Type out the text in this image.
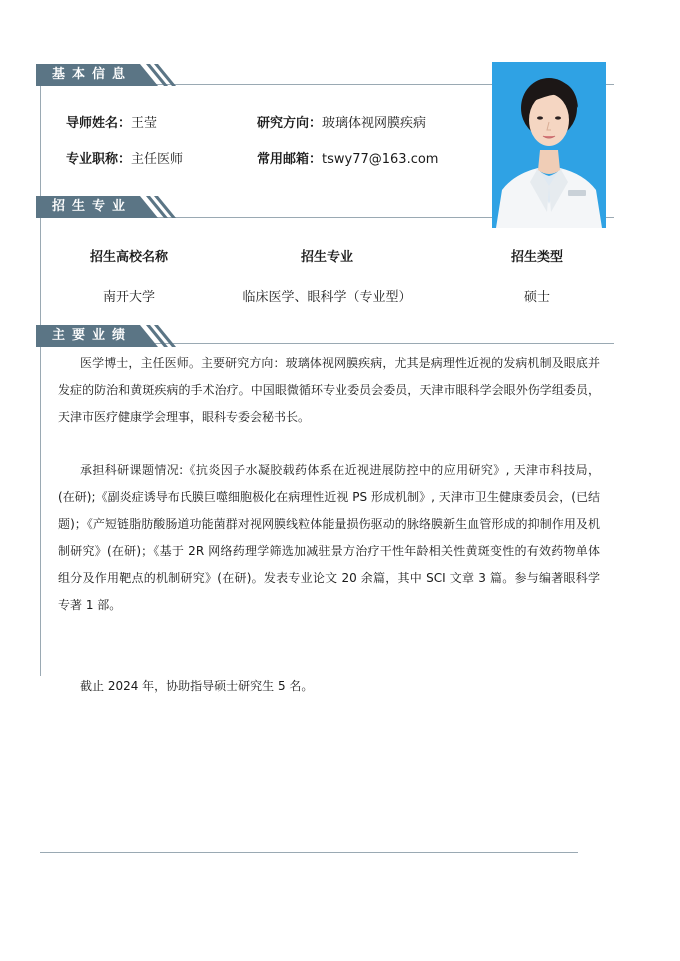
基本信息
导师姓名：王莹	研究方向：玻璃体视网膜疾病
专业职称：主任医师	常用邮箱：tswy77@163.com
招生专业
招生高校名称	招生专业	招生类型
南开大学	临床医学、眼科学（专业型）	硕士
主要业绩
医学博士，主任医师。主要研究方向：玻璃体视网膜疾病，尤其是病理性近视的发病机制及眼底并发症的防治和黄斑疾病的手术治疗。中国眼微循环专业委员会委员，天津市眼科学会眼外伤学组委员，天津市医疗健康学会理事，眼科专委会秘书长。
承担科研课题情况:《抗炎因子水凝胶载药体系在近视进展防控中的应用研究》, 天津市科技局，(在研);《副炎症诱导布氏膜巨噬细胞极化在病理性近视 PS 形成机制》, 天津市卫生健康委员会，(已结题)；《产短链脂肪酸肠道功能菌群对视网膜线粒体能量损伤驱动的脉络膜新生血管形成的抑制作用及机制研究》(在研)；《基于 2R 网络药理学筛选加减驻景方治疗干性年龄相关性黄斑变性的有效药物单体组分及作用靶点的机制研究》(在研)。发表专业论文 20 余篇，其中 SCI 文章 3 篇。参与编著眼科学专著 1 部。
截止 2024 年，协助指导硕士研究生 5 名。
